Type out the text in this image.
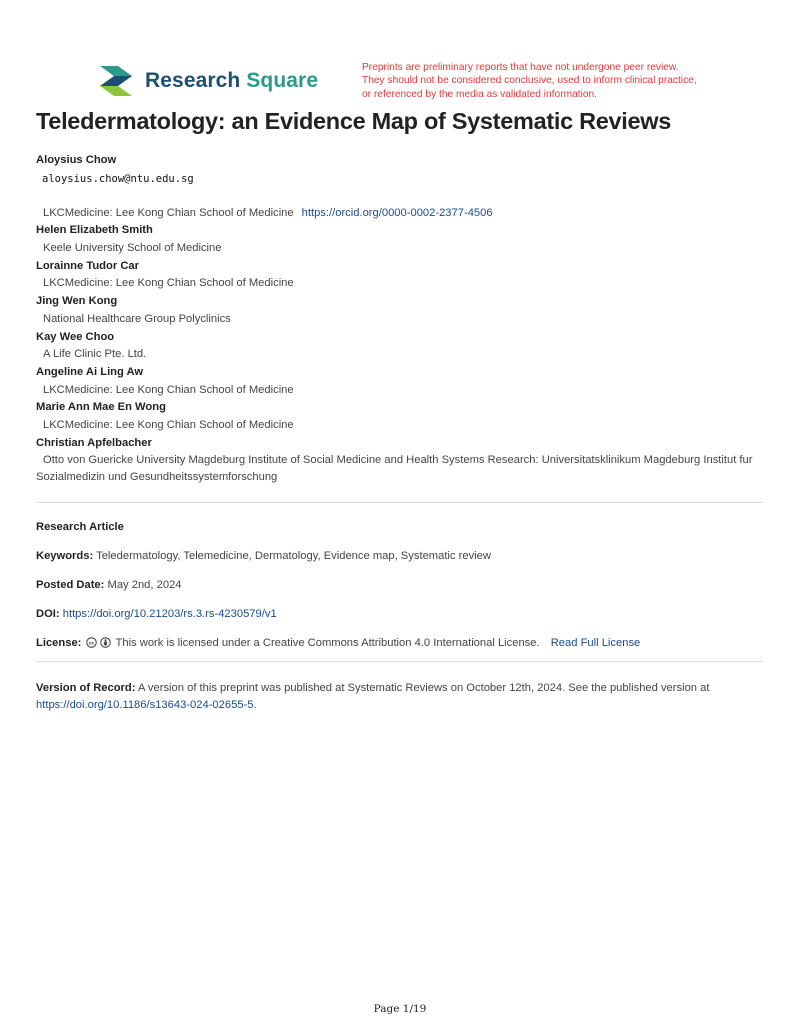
Research Square
Preprints are preliminary reports that have not undergone peer review.
They should not be considered conclusive, used to inform clinical practice,
or referenced by the media as validated information.
Teledermatology: an Evidence Map of Systematic Reviews
Aloysius Chow
aloysius.chow@ntu.edu.sg
LKCMedicine: Lee Kong Chian School of Medicine https://orcid.org/0000-0002-2377-4506
Helen Elizabeth Smith
Keele University School of Medicine
Lorainne Tudor Car
LKCMedicine: Lee Kong Chian School of Medicine
Jing Wen Kong
National Healthcare Group Polyclinics
Kay Wee Choo
A Life Clinic Pte. Ltd.
Angeline Ai Ling Aw
LKCMedicine: Lee Kong Chian School of Medicine
Marie Ann Mae En Wong
LKCMedicine: Lee Kong Chian School of Medicine
Christian Apfelbacher
Otto von Guericke University Magdeburg Institute of Social Medicine and Health Systems Research: Universitatsklinikum Magdeburg Institut fur Sozialmedizin und Gesundheitssystemforschung
Research Article
Keywords: Teledermatology, Telemedicine, Dermatology, Evidence map, Systematic review
Posted Date: May 2nd, 2024
DOI: https://doi.org/10.21203/rs.3.rs-4230579/v1
License: cc This work is licensed under a Creative Commons Attribution 4.0 International License. Read Full License
Version of Record: A version of this preprint was published at Systematic Reviews on October 12th, 2024. See the published version at
https://doi.org/10.1186/s13643-024-02655-5.
Page 1/19
